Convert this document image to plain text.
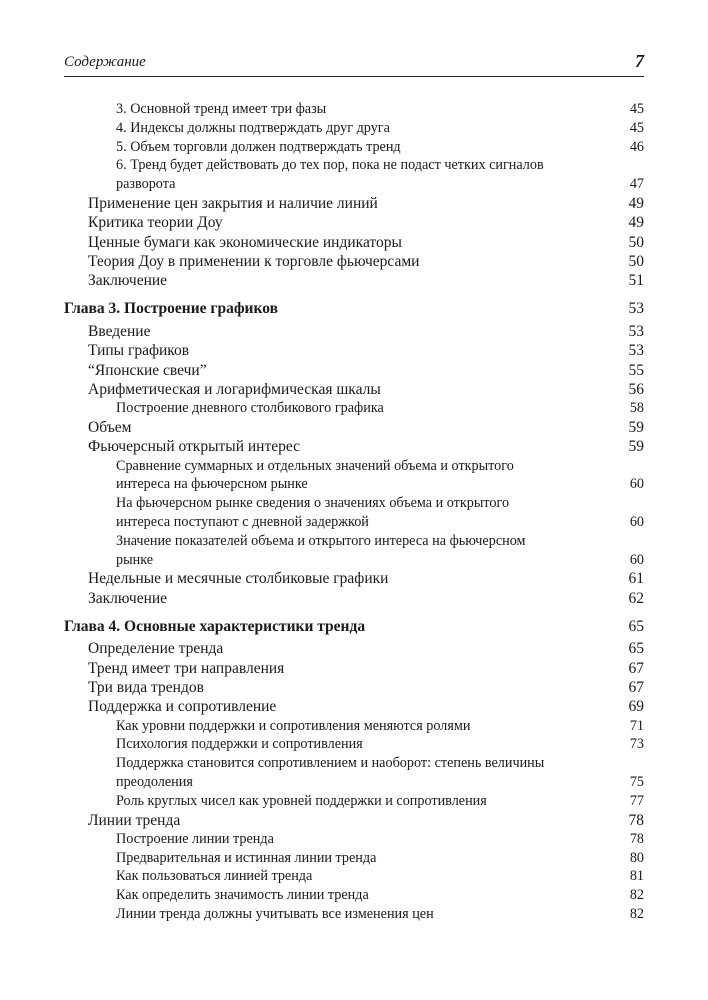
Содержание	7
3. Основной тренд имеет три фазы	45
4. Индексы должны подтверждать друг друга	45
5. Объем торговли должен подтверждать тренд	46
6. Тренд будет действовать до тех пор, пока не подаст четких сигналов разворота	47
Применение цен закрытия и наличие линий	49
Критика теории Доу	49
Ценные бумаги как экономические индикаторы	50
Теория Доу в применении к торговле фьючерсами	50
Заключение	51
Глава 3. Построение графиков	53
Введение	53
Типы графиков	53
“Японские свечи”	55
Арифметическая и логарифмическая шкалы	56
Построение дневного столбикового графика	58
Объем	59
Фьючерсный открытый интерес	59
Сравнение суммарных и отдельных значений объема и открытого интереса на фьючерсном рынке	60
На фьючерсном рынке сведения о значениях объема и открытого интереса поступают с дневной задержкой	60
Значение показателей объема и открытого интереса на фьючерсном рынке	60
Недельные и месячные столбиковые графики	61
Заключение	62
Глава 4. Основные характеристики тренда	65
Определение тренда	65
Тренд имеет три направления	67
Три вида трендов	67
Поддержка и сопротивление	69
Как уровни поддержки и сопротивления меняются ролями	71
Психология поддержки и сопротивления	73
Поддержка становится сопротивлением и наоборот: степень величины преодоления	75
Роль круглых чисел как уровней поддержки и сопротивления	77
Линии тренда	78
Построение линии тренда	78
Предварительная и истинная линии тренда	80
Как пользоваться линией тренда	81
Как определить значимость линии тренда	82
Линии тренда должны учитывать все изменения цен	82
